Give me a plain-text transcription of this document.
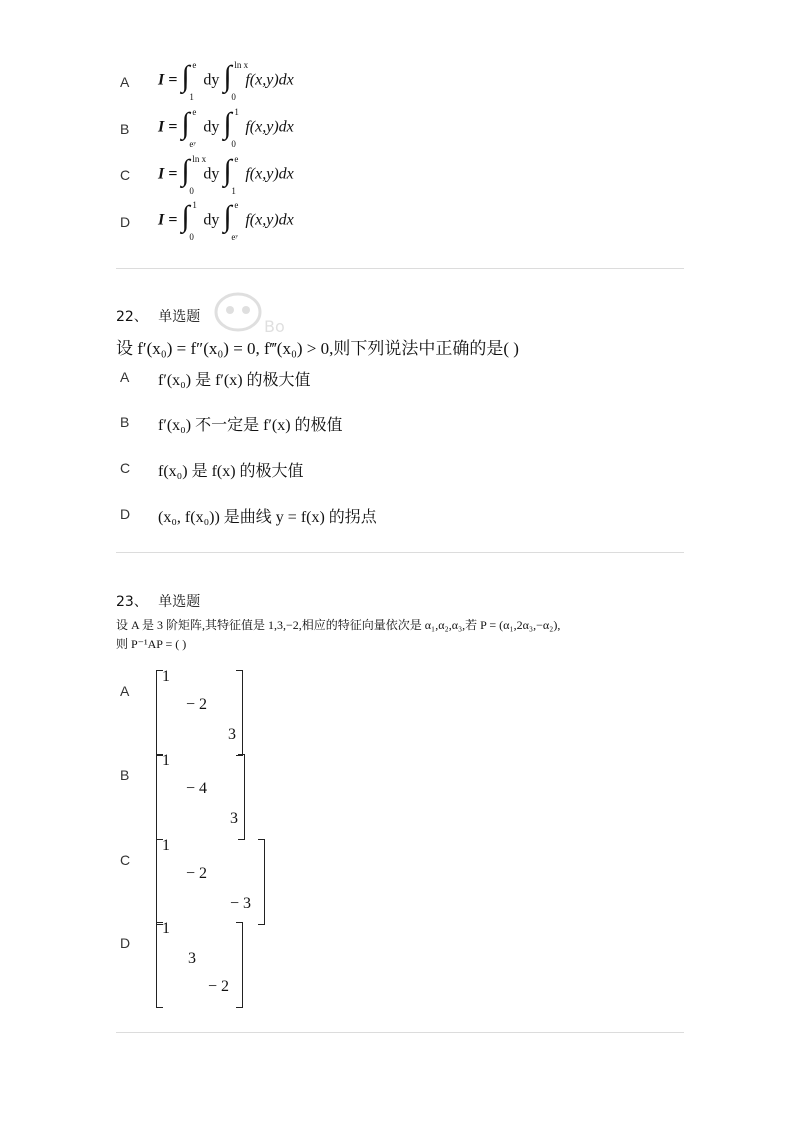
A I = ∫ e
1
dy ∫ ln x
0
f(x,y)dx
B I = ∫ e
eʸ
dy ∫ 1
0
f(x,y)dx
C I = ∫ ln x
0
dy ∫ e
1
f(x,y)dx
D I = ∫ 1
0
dy ∫ e
eʸ
f(x,y)dx
22、 单选题	Bo
设 f′(x₀) = f″(x₀) = 0, f‴(x₀) > 0,则下列说法中正确的是( )
A f′(x₀) 是 f′(x) 的极大值
B f′(x₀) 不一定是 f′(x) 的极值
C f(x₀) 是 f(x) 的极大值
D (x₀, f(x₀)) 是曲线 y = f(x) 的拐点
23、 单选题
设 A 是 3 阶矩阵,其特征值是 1,3,−2,相应的特征向量依次是 α₁,α₂,α₃,若 P = (α₁,2α₃,−α₂),
则 P⁻¹AP = ( )
A
1
− 2
3
B
1
− 4
3
C
1
− 2
− 3
D
1
3
− 2
